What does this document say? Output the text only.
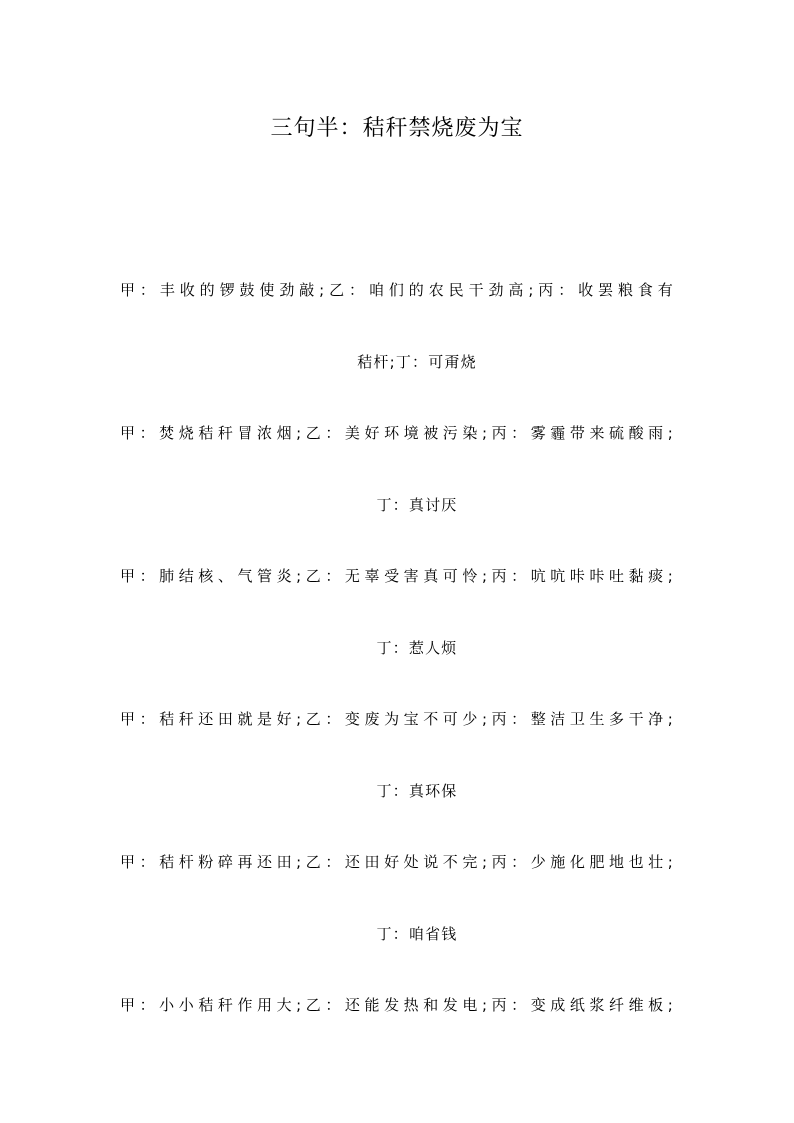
三句半：秸秆禁烧废为宝
甲：丰收的锣鼓使劲敲;乙：咱们的农民干劲高;丙：收罢粮食有
秸杆;丁：可甭烧
甲：焚烧秸秆冒浓烟;乙：美好环境被污染;丙：雾霾带来硫酸雨;
丁：真讨厌
甲：肺结核、气管炎;乙：无辜受害真可怜;丙：吭吭咔咔吐黏痰;
丁：惹人烦
甲：秸秆还田就是好;乙：变废为宝不可少;丙：整洁卫生多干净;
丁：真环保
甲：秸杆粉碎再还田;乙：还田好处说不完;丙：少施化肥地也壮;
丁：咱省钱
甲：小小秸秆作用大;乙：还能发热和发电;丙：变成纸浆纤维板;
